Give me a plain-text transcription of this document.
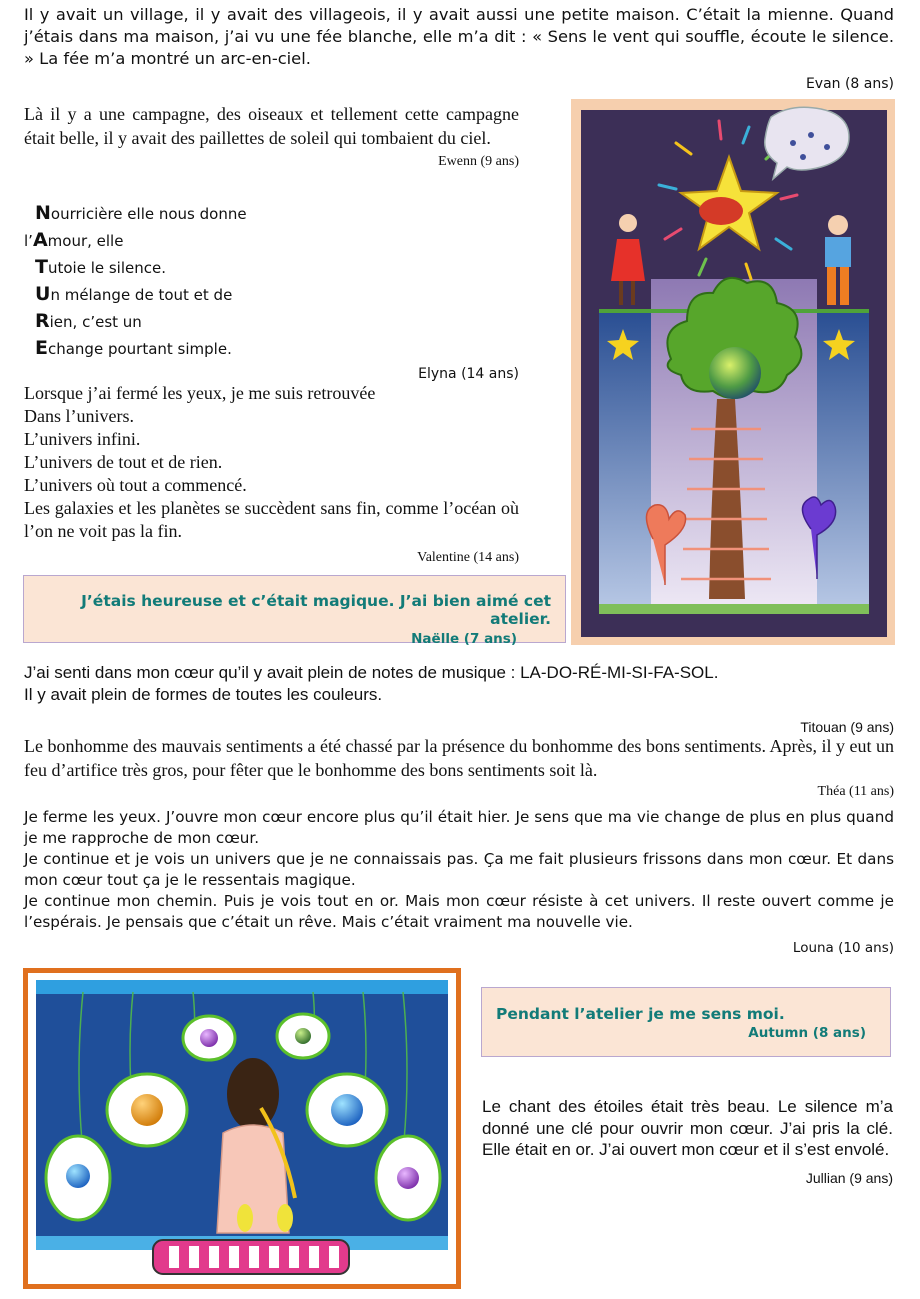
Il y avait un village, il y avait des villageois, il y avait aussi une petite maison. C’était la mienne. Quand j’étais dans ma maison, j’ai vu une fée blanche, elle m’a dit : « Sens le vent qui souffle, écoute le silence. » La fée m’a montré un arc-en-ciel.

Evan (8 ans)

Là il y a une campagne, des oiseaux et tellement cette campagne était belle, il y avait des paillettes de soleil qui tombaient du ciel.

Ewenn (9 ans)
Nourricière elle nous donne
l’Amour, elle
Tutoie le silence.
Un mélange de tout et de
Rien, c’est un
Echange pourtant simple.
Elyna (14 ans)
Lorsque j’ai fermé les yeux, je me suis retrouvée
Dans l’univers.
L’univers infini.
L’univers de tout et de rien.
L’univers où tout a commencé.

Les galaxies et les planètes se succèdent sans fin, comme l’océan où l’on ne voit pas la fin.

Valentine (14 ans)
J’étais heureuse et c’était magique. J’ai bien aimé cet atelier.
Naëlle (7 ans)
J’ai senti dans mon cœur qu’il y avait plein de notes de musique : LA-DO-RÉ-MI-SI-FA-SOL.
Il y avait plein de formes de toutes les couleurs.
Titouan (9 ans)

Le bonhomme des mauvais sentiments a été chassé par la présence du bonhomme des bons sentiments. Après, il y eut un feu d’artifice très gros, pour fêter que le bonhomme des bons sentiments soit là.

Théa (11 ans)

Je ferme les yeux. J’ouvre mon cœur encore plus qu’il était hier. Je sens que ma vie change de plus en plus quand je me rapproche de mon cœur.

Je continue et je vois un univers que je ne connaissais pas. Ça me fait plusieurs frissons dans mon cœur. Et dans mon cœur tout ça je le ressentais magique.

Je continue mon chemin. Puis je vois tout en or. Mais mon cœur résiste à cet univers. Il reste ouvert comme je l’espérais. Je pensais que c’était un rêve. Mais c’était vraiment ma nouvelle vie.

Louna (10 ans)
Pendant l’atelier je me sens moi.
Autumn (8 ans)

Le chant des étoiles était très beau. Le silence m’a donné une clé pour ouvrir mon cœur. J’ai pris la clé. Elle était en or. J’ai ouvert mon cœur et il s’est envolé.

Jullian (9 ans)
